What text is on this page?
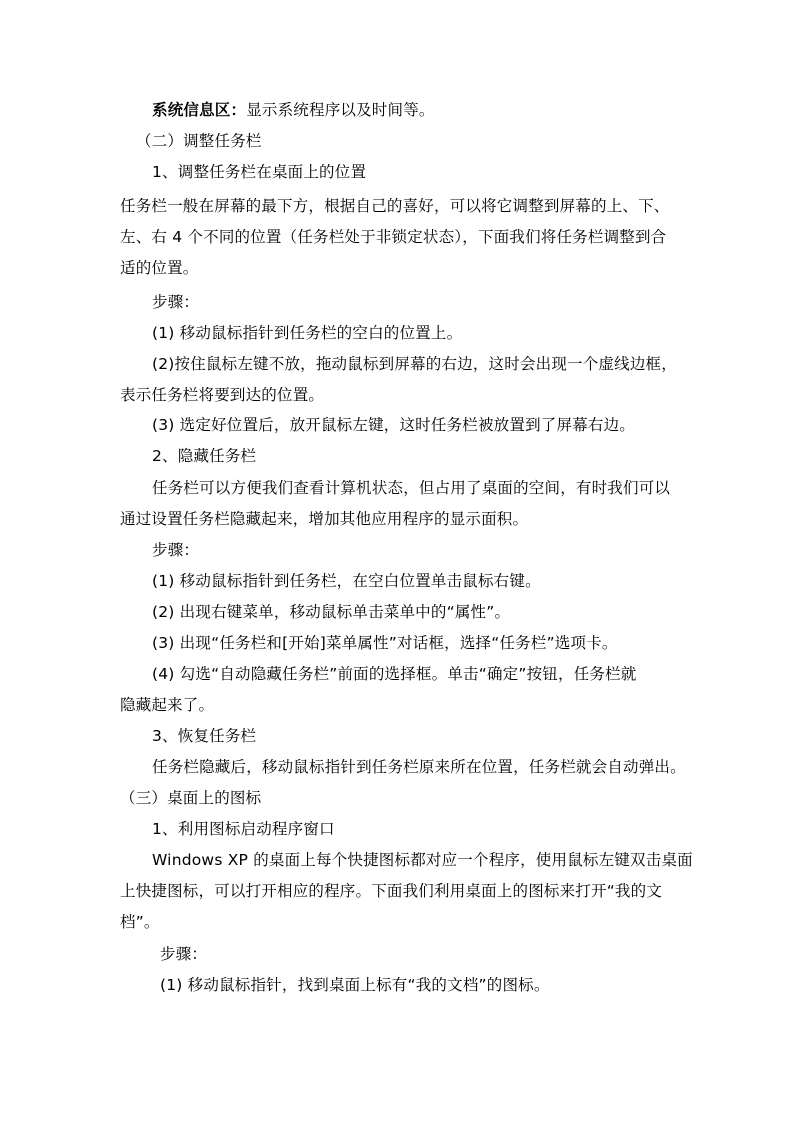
系统信息区：显示系统程序以及时间等。
（二）调整任务栏
1、调整任务栏在桌面上的位置
任务栏一般在屏幕的最下方，根据自己的喜好，可以将它调整到屏幕的上、下、
左、右 4 个不同的位置（任务栏处于非锁定状态），下面我们将任务栏调整到合
适的位置。
步骤：
(1) 移动鼠标指针到任务栏的空白的位置上。
(2)按住鼠标左键不放，拖动鼠标到屏幕的右边，这时会出现一个虚线边框，
表示任务栏将要到达的位置。
(3) 选定好位置后，放开鼠标左键，这时任务栏被放置到了屏幕右边。
2、隐藏任务栏
任务栏可以方便我们查看计算机状态，但占用了桌面的空间，有时我们可以
通过设置任务栏隐藏起来，增加其他应用程序的显示面积。
步骤：
(1) 移动鼠标指针到任务栏，在空白位置单击鼠标右键。
(2) 出现右键菜单，移动鼠标单击菜单中的“属性”。
(3) 出现“任务栏和[开始]菜单属性”对话框，选择“任务栏”选项卡。
(4) 勾选“自动隐藏任务栏”前面的选择框。单击“确定”按钮，任务栏就
隐藏起来了。
3、恢复任务栏
任务栏隐藏后，移动鼠标指针到任务栏原来所在位置，任务栏就会自动弹出。
（三）桌面上的图标
1、利用图标启动程序窗口
Windows XP 的桌面上每个快捷图标都对应一个程序，使用鼠标左键双击桌面
上快捷图标，可以打开相应的程序。下面我们利用桌面上的图标来打开“我的文
档”。
步骤：
(1) 移动鼠标指针，找到桌面上标有“我的文档”的图标。
